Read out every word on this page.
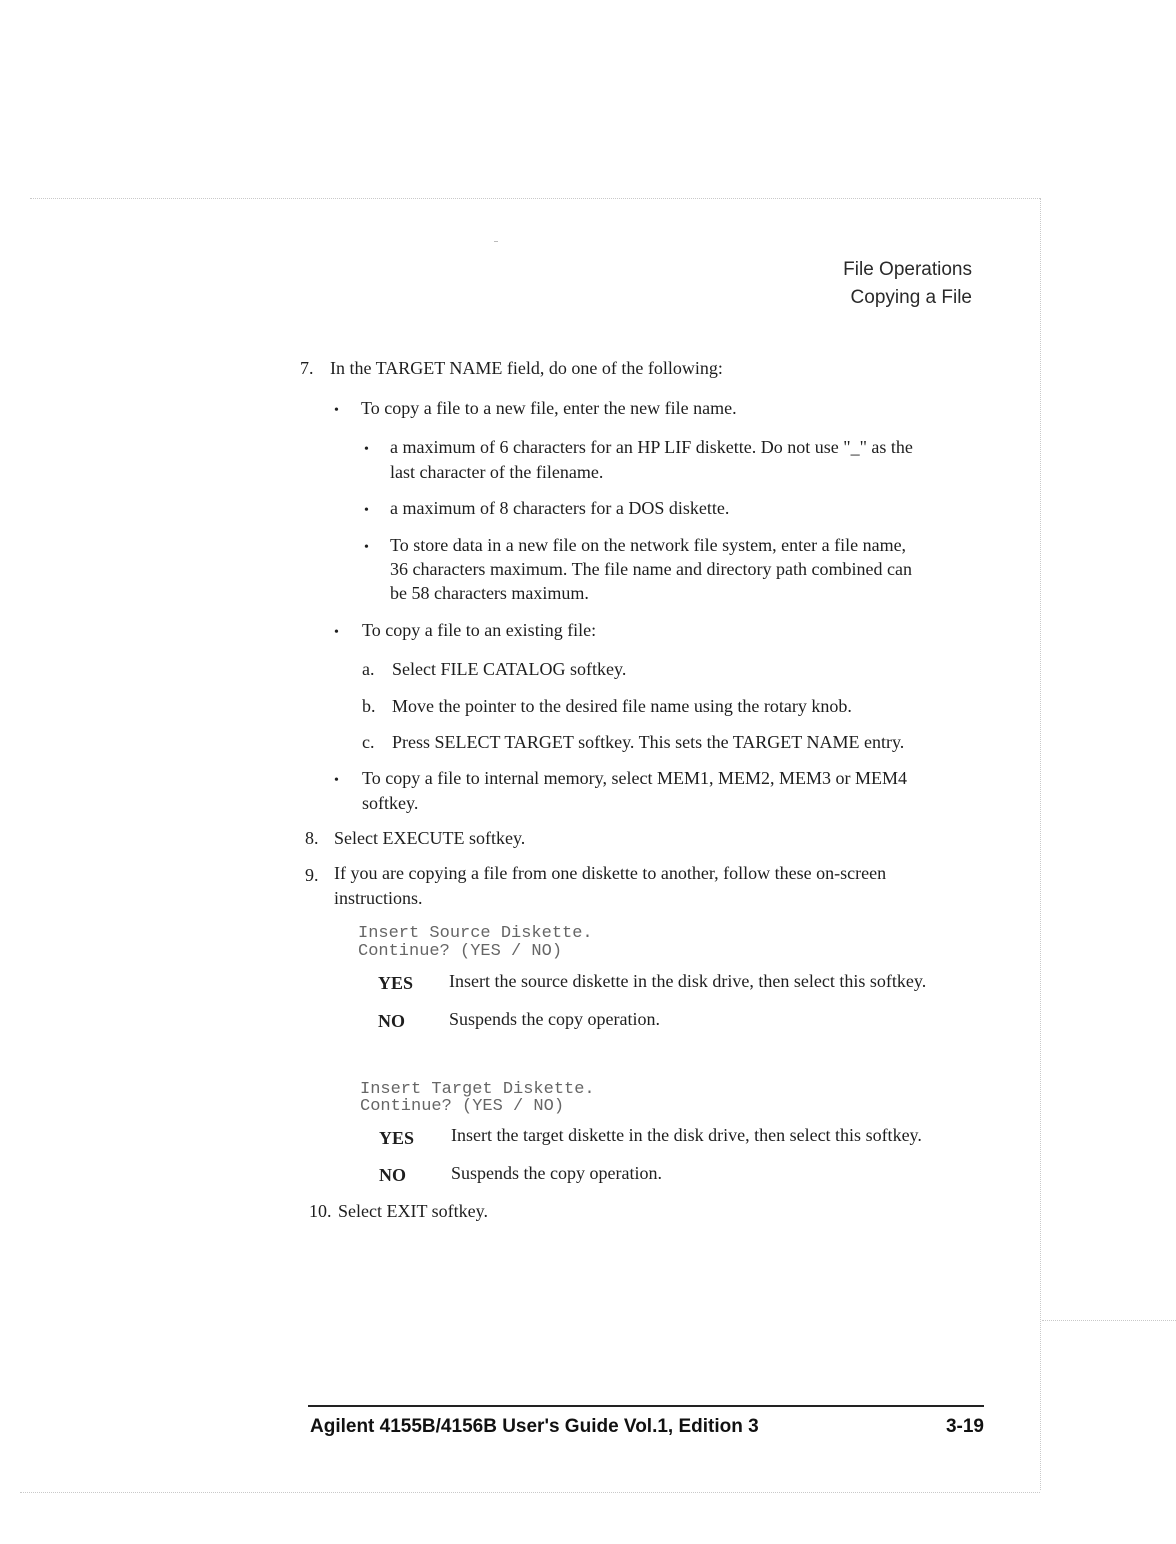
File Operations
Copying a File
7. In the TARGET NAME field, do one of the following:
• To copy a file to a new file, enter the new file name.
• a maximum of 6 characters for an HP LIF diskette. Do not use "_" as the
last character of the filename.
• a maximum of 8 characters for a DOS diskette.
• To store data in a new file on the network file system, enter a file name,
36 characters maximum. The file name and directory path combined can
be 58 characters maximum.
• To copy a file to an existing file:
a. Select FILE CATALOG softkey.
b. Move the pointer to the desired file name using the rotary knob.
c. Press SELECT TARGET softkey. This sets the TARGET NAME entry.
• To copy a file to internal memory, select MEM1, MEM2, MEM3 or MEM4
softkey.
8. Select EXECUTE softkey.
9. If you are copying a file from one diskette to another, follow these on-screen
instructions.
Insert Source Diskette.
Continue? (YES / NO)
YES Insert the source diskette in the disk drive, then select this softkey.
NO Suspends the copy operation.
Insert Target Diskette.
Continue? (YES / NO)
YES Insert the target diskette in the disk drive, then select this softkey.
NO	Suspends the copy operation.
10. Select EXIT softkey.
Agilent 4155B/4156B User's Guide Vol.1, Edition 3	3-19
